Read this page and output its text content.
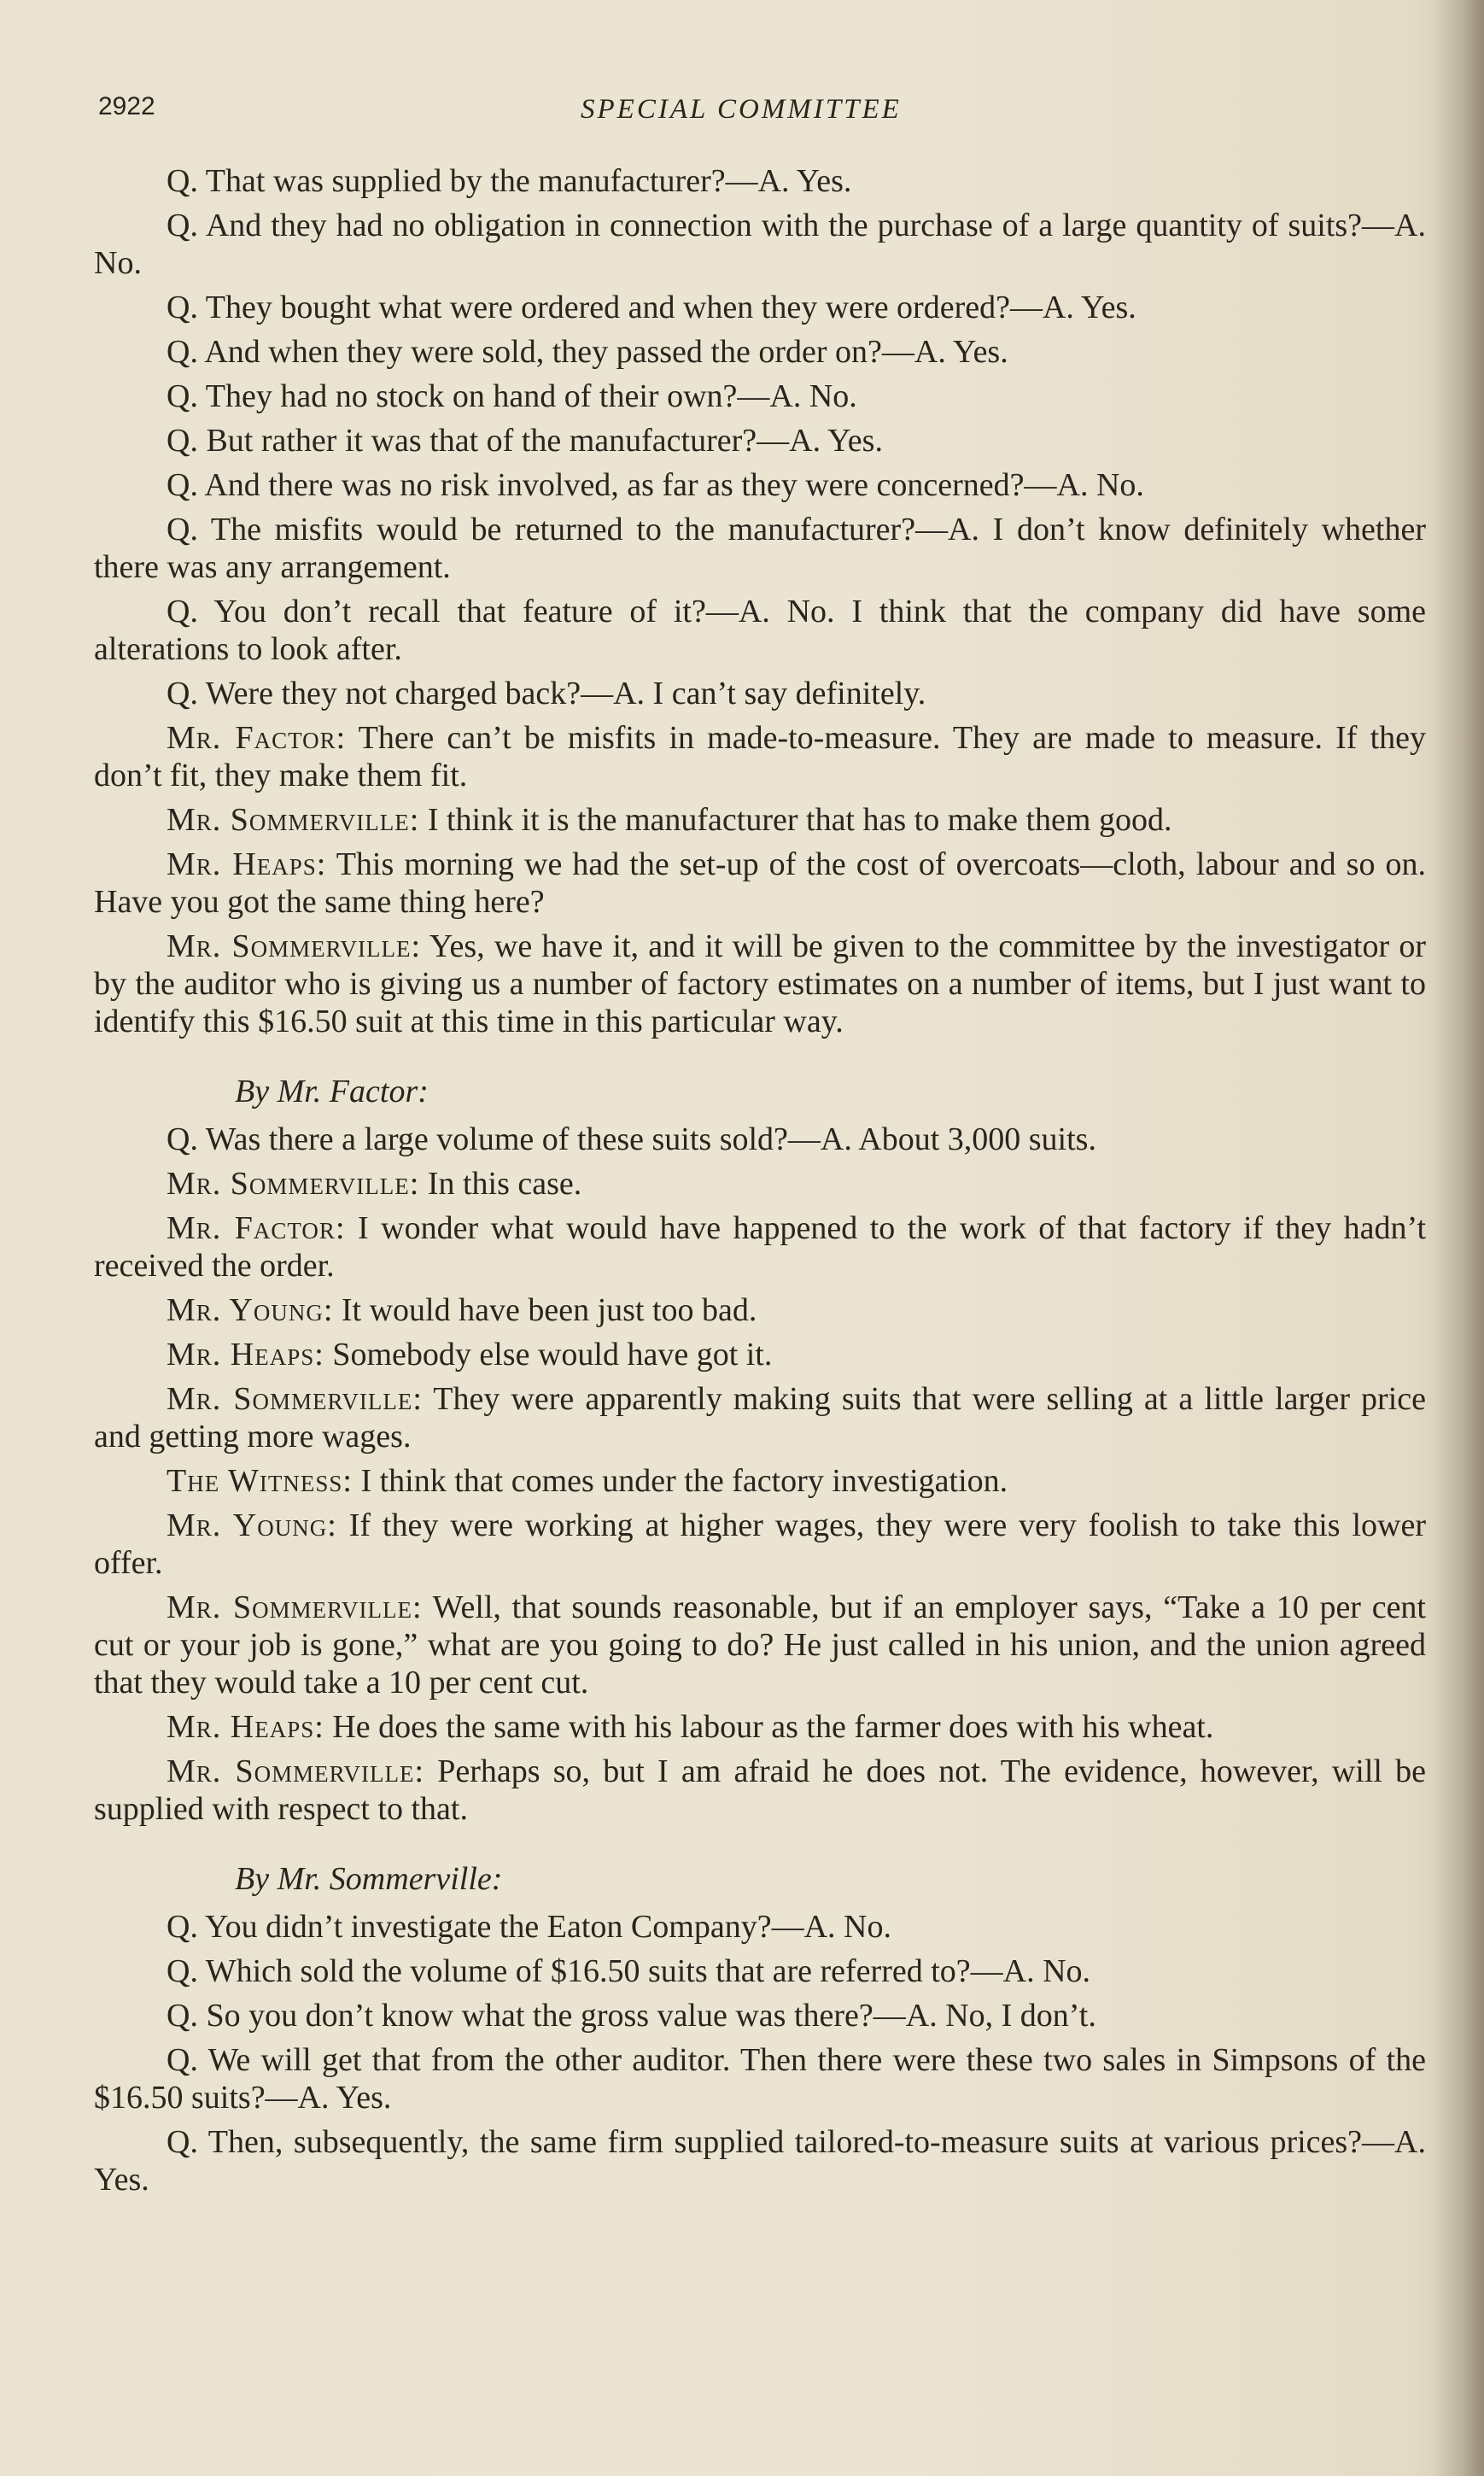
2922	SPECIAL COMMITTEE

Q. That was supplied by the manufacturer?—A. Yes.

Q. And they had no obligation in connection with the purchase of a large quantity of suits?—A. No.

Q. They bought what were ordered and when they were ordered?—A. Yes.

Q. And when they were sold, they passed the order on?—A. Yes.

Q. They had no stock on hand of their own?—A. No.

Q. But rather it was that of the manufacturer?—A. Yes.

Q. And there was no risk involved, as far as they were concerned?—A. No.

Q. The misfits would be returned to the manufacturer?—A. I don’t know definitely whether there was any arrangement.

Q. You don’t recall that feature of it?—A. No. I think that the company did have some alterations to look after.

Q. Were they not charged back?—A. I can’t say definitely.

Mr. Factor: There can’t be misfits in made-to-measure. They are made to measure. If they don’t fit, they make them fit.

Mr. Sommerville: I think it is the manufacturer that has to make them good.

Mr. Heaps: This morning we had the set-up of the cost of overcoats—cloth, labour and so on. Have you got the same thing here?

Mr. Sommerville: Yes, we have it, and it will be given to the committee by the investigator or by the auditor who is giving us a number of factory estimates on a number of items, but I just want to identify this $16.50 suit at this time in this particular way.

By Mr. Factor:

Q. Was there a large volume of these suits sold?—A. About 3,000 suits.

Mr. Sommerville: In this case.

Mr. Factor: I wonder what would have happened to the work of that factory if they hadn’t received the order.

Mr. Young: It would have been just too bad.

Mr. Heaps: Somebody else would have got it.

Mr. Sommerville: They were apparently making suits that were selling at a little larger price and getting more wages.

The Witness: I think that comes under the factory investigation.

Mr. Young: If they were working at higher wages, they were very foolish to take this lower offer.

Mr. Sommerville: Well, that sounds reasonable, but if an employer says, “Take a 10 per cent cut or your job is gone,” what are you going to do? He just called in his union, and the union agreed that they would take a 10 per cent cut.

Mr. Heaps: He does the same with his labour as the farmer does with his wheat.

Mr. Sommerville: Perhaps so, but I am afraid he does not. The evidence, however, will be supplied with respect to that.

By Mr. Sommerville:

Q. You didn’t investigate the Eaton Company?—A. No.

Q. Which sold the volume of $16.50 suits that are referred to?—A. No.

Q. So you don’t know what the gross value was there?—A. No, I don’t.

Q. We will get that from the other auditor. Then there were these two sales in Simpsons of the $16.50 suits?—A. Yes.

Q. Then, subsequently, the same firm supplied tailored-to-measure suits at various prices?—A. Yes.
